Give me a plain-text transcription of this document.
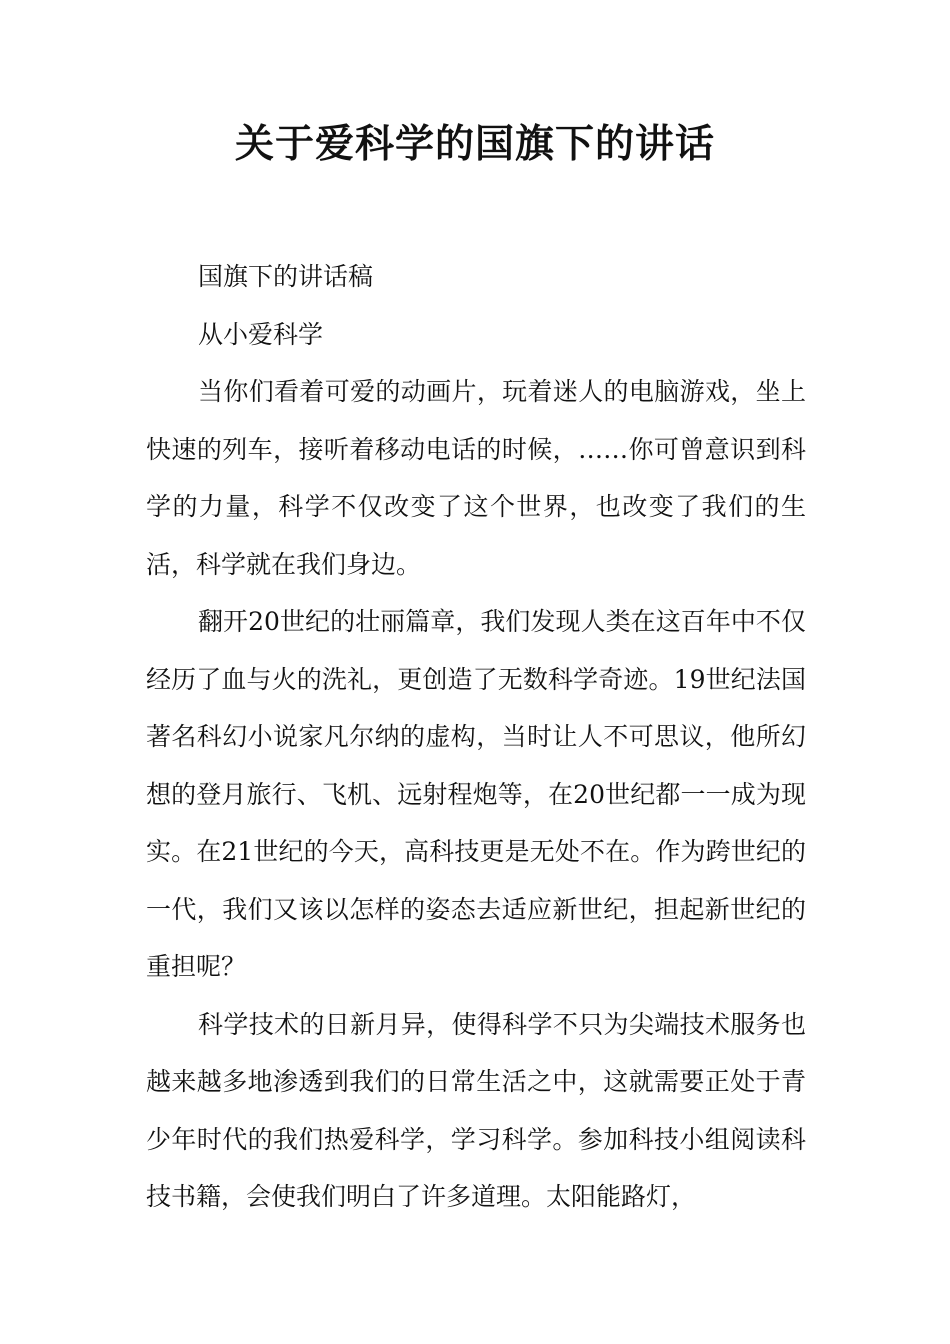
关于爱科学的国旗下的讲话

国旗下的讲话稿

从小爱科学

当你们看着可爱的动画片，玩着迷人的电脑游戏，坐上快速的列车，接听着移动电话的时候，……你可曾意识到科学的力量，科学不仅改变了这个世界，也改变了我们的生活，科学就在我们身边。

翻开20世纪的壮丽篇章，我们发现人类在这百年中不仅经历了血与火的洗礼，更创造了无数科学奇迹。19世纪法国著名科幻小说家凡尔纳的虚构，当时让人不可思议，他所幻想的登月旅行、飞机、远射程炮等，在20世纪都一一成为现实。在21世纪的今天，高科技更是无处不在。作为跨世纪的一代，我们又该以怎样的姿态去适应新世纪，担起新世纪的重担呢？

科学技术的日新月异，使得科学不只为尖端技术服务也越来越多地渗透到我们的日常生活之中，这就需要正处于青少年时代的我们热爱科学，学习科学。参加科技小组阅读科技书籍，会使我们明白了许多道理。太阳能路灯，
